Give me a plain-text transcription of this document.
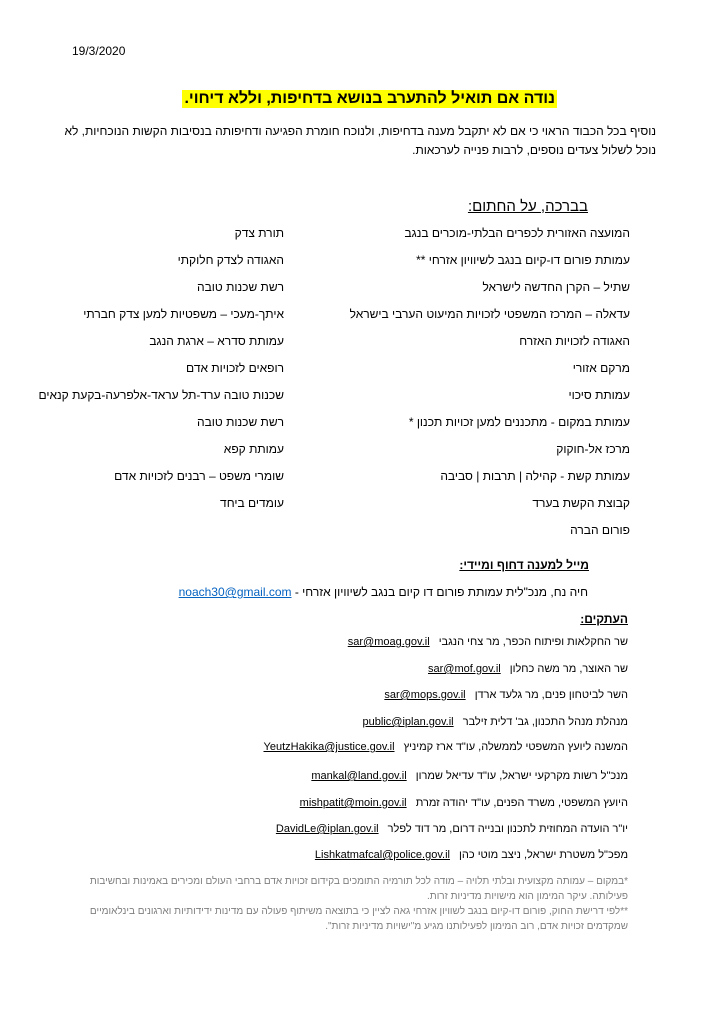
19/3/2020
נודה אם תואיל להתערב בנושא בדחיפות, וללא דיחוי.
נוסיף בכל הכבוד הראוי כי אם לא יתקבל מענה בדחיפות, ולנוכח חומרת הפגיעה ודחיפותה בנסיבות הקשות הנוכחיות, לא נוכל לשלול צעדים נוספים, לרבות פנייה לערכאות.
בברכה, על החתום:
המועצה האזורית לכפרים הבלתי-מוכרים בנגב
עמותת פורום דו-קיום בנגב לשיוויון אזרחי **
שתיל – הקרן החדשה לישראל
עדאלה – המרכז המשפטי לזכויות המיעוט הערבי בישראל
האגודה לזכויות האזרח
מרקם אזורי
עמותת סיכוי
עמותת במקום - מתכננים למען זכויות תכנון *
מרכז אל-חוקוק
עמותת קשת - קהילה | תרבות | סביבה
קבוצת הקשת בערד
פורום הברה
תורת צדק
האגודה לצדק חלוקתי
רשת שכנות טובה
איתך-מעכי – משפטיות למען צדק חברתי
עמותת סדרא – ארגת הנגב
רופאים לזכויות אדם
שכנות טובה ערד-תל עראד-אלפרעה-בקעת קנאים
רשת שכנות טובה
עמותת קפא
שומרי משפט – רבנים לזכויות אדם
עומדים ביחד
מייל למענה דחוף ומיידי:
חיה נח, מנכ"לית עמותת פורום דו קיום בנגב לשיוויון אזרחי - noach30@gmail.com
העתקים:
שר החקלאות ופיתוח הכפר, מר צחי הנגבי sar@moag.gov.il
שר האוצר, מר משה כחלון sar@mof.gov.il
השר לביטחון פנים, מר גלעד ארדן sar@mops.gov.il
מנהלת מנהל התכנון, גב' דלית זילבר public@iplan.gov.il
המשנה ליועץ המשפטי לממשלה, עו"ד ארז קמיניץ YeutzHakika@justice.gov.il
מנכ"ל רשות מקרקעי ישראל, עו"ד עדיאל שמרון mankal@land.gov.il
היועץ המשפטי, משרד הפנים, עו"ד יהודה זמרת mishpatit@moin.gov.il
יו"ר הועדה המחוזית לתכנון ובנייה דרום, מר דוד לפלר DavidLe@iplan.gov.il
מפכ"ל משטרת ישראל, ניצב מוטי כהן Lishkatmafcal@police.gov.il

*במקום – עמותה מקצועית ובלתי תלויה – מודה לכל תורמיה התומכים בקידום זכויות אדם ברחבי העולם ומכירים באמינות ובחשיבות פעילותה. עיקר המימון הוא מישויות מדיניות זרות.

**לפי דרישת החוק, פורום דו-קיום בנגב לשוויון אזרחי גאה לציין כי בתוצאה משיתוף פעולה עם מדינות ידידותיות וארגונים בינלאומיים שמקדמים זכויות אדם, רוב המימון לפעילותנו מגיע מ"ישויות מדיניות זרות".
